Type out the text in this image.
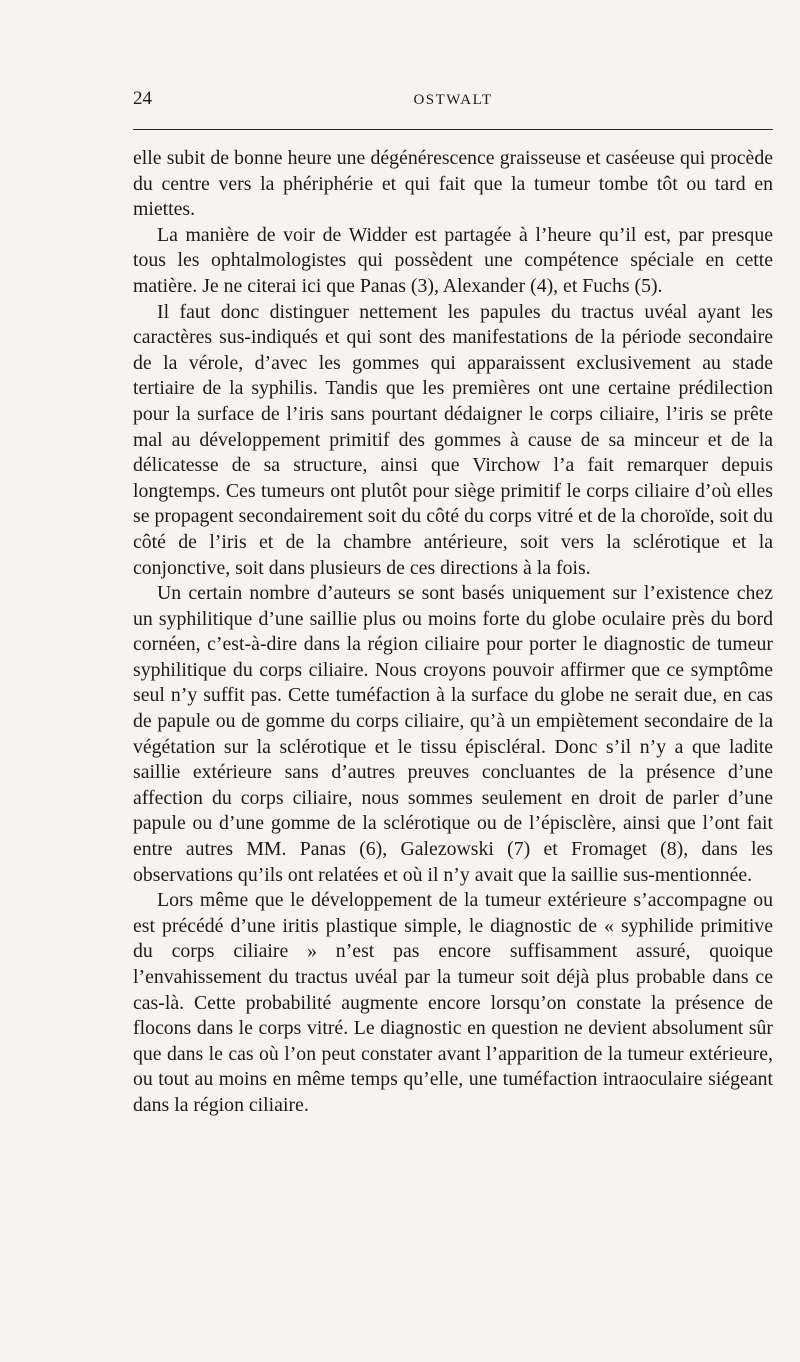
24	OSTWALT

elle subit de bonne heure une dégénérescence graisseuse et caséeuse qui procède du centre vers la phériphérie et qui fait que la tumeur tombe tôt ou tard en miettes.

La manière de voir de Widder est partagée à l’heure qu’il est, par presque tous les ophtalmologistes qui possèdent une compétence spéciale en cette matière. Je ne citerai ici que Panas (3), Alexander (4), et Fuchs (5).

Il faut donc distinguer nettement les papules du tractus uvéal ayant les caractères sus-indiqués et qui sont des manifestations de la période secondaire de la vérole, d’avec les gommes qui apparaissent exclusivement au stade tertiaire de la syphilis. Tandis que les premières ont une certaine prédilection pour la surface de l’iris sans pourtant dédaigner le corps ciliaire, l’iris se prête mal au développement primitif des gommes à cause de sa minceur et de la délicatesse de sa structure, ainsi que Virchow l’a fait remarquer depuis longtemps. Ces tumeurs ont plutôt pour siège primitif le corps ciliaire d’où elles se propagent secondairement soit du côté du corps vitré et de la choroïde, soit du côté de l’iris et de la chambre antérieure, soit vers la sclérotique et la conjonctive, soit dans plusieurs de ces directions à la fois.

Un certain nombre d’auteurs se sont basés uniquement sur l’existence chez un syphilitique d’une saillie plus ou moins forte du globe oculaire près du bord cornéen, c’est-à-dire dans la région ciliaire pour porter le diagnostic de tumeur syphilitique du corps ciliaire. Nous croyons pouvoir affirmer que ce symptôme seul n’y suffit pas. Cette tuméfaction à la surface du globe ne serait due, en cas de papule ou de gomme du corps ciliaire, qu’à un empiètement secondaire de la végétation sur la sclérotique et le tissu épiscléral. Donc s’il n’y a que ladite saillie extérieure sans d’autres preuves concluantes de la présence d’une affection du corps ciliaire, nous sommes seulement en droit de parler d’une papule ou d’une gomme de la sclérotique ou de l’épisclère, ainsi que l’ont fait entre autres MM. Panas (6), Galezowski (7) et Fromaget (8), dans les observations qu’ils ont relatées et où il n’y avait que la saillie sus-mentionnée.

Lors même que le développement de la tumeur extérieure s’accompagne ou est précédé d’une iritis plastique simple, le diagnostic de « syphilide primitive du corps ciliaire » n’est pas encore suffisamment assuré, quoique l’envahissement du tractus uvéal par la tumeur soit déjà plus probable dans ce cas-là. Cette probabilité augmente encore lorsqu’on constate la présence de flocons dans le corps vitré. Le diagnostic en question ne devient absolument sûr que dans le cas où l’on peut constater avant l’apparition de la tumeur extérieure, ou tout au moins en même temps qu’elle, une tuméfaction intraoculaire siégeant dans la région ciliaire.
